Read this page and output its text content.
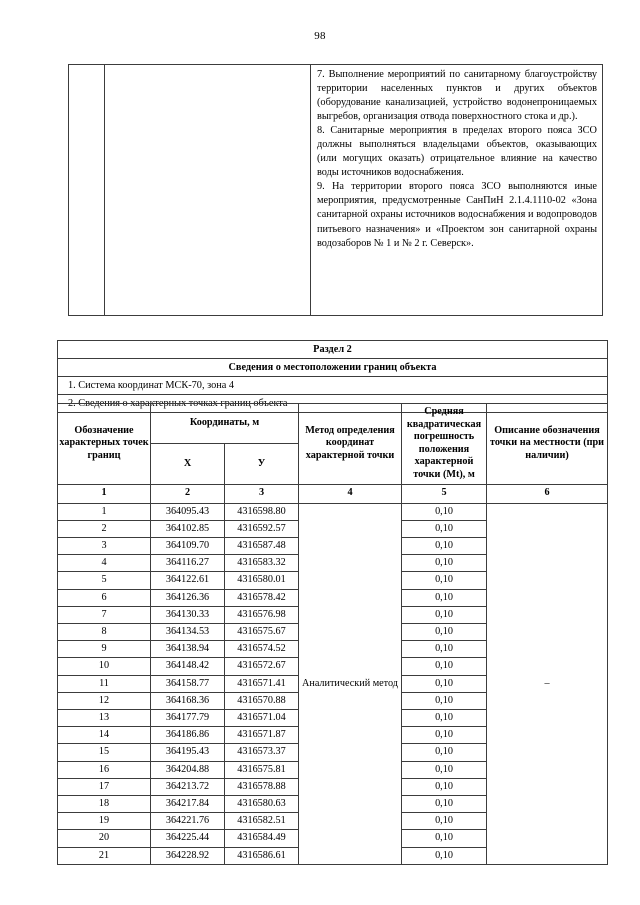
98

7. Выполнение мероприятий по санитарному благоустройству территории населенных пунктов и других объектов (оборудование канализацией, устройство водонепроницаемых выгребов, организация отвода поверхностного стока и др.).

8. Санитарные мероприятия в пределах второго пояса ЗСО должны выполняться владельцами объектов, оказывающих (или могущих оказать) отрицательное влияние на качество воды источников водоснабжения.

9. На территории второго пояса ЗСО выполняются иные мероприятия, предусмотренные СанПиН 2.1.4.1110-02 «Зона санитарной охраны источников водоснабжения и водопроводов питьевого назначения» и «Проектом зон санитарной охраны водозаборов № 1 и № 2 г. Северск».

Раздел 2
Сведения о местоположении границ объекта
1. Система координат МСК-70, зона 4
2. Сведения о характерных точках границ объекта
Обозначение характерных точек границ	Координаты, м		Метод определения координат характерной точки	Средняя квадратическая погрешность положения характерной точки (Мt), м	Описание обозначения точки на местности (при наличии)
	X	У			
1	2	3	4	5	6
1	364095.43	4316598.80	Аналитический метод	0,10	–
2	364102.85	4316592.57		0,10	
3	364109.70	4316587.48		0,10	
4	364116.27	4316583.32		0,10	
5	364122.61	4316580.01		0,10	
6	364126.36	4316578.42		0,10	
7	364130.33	4316576.98		0,10	
8	364134.53	4316575.67		0,10	
9	364138.94	4316574.52		0,10	
10	364148.42	4316572.67		0,10	
11	364158.77	4316571.41		0,10	
12	364168.36	4316570.88		0,10	
13	364177.79	4316571.04		0,10	
14	364186.86	4316571.87		0,10	
15	364195.43	4316573.37		0,10	
16	364204.88	4316575.81		0,10	
17	364213.72	4316578.88		0,10	
18	364217.84	4316580.63		0,10	
19	364221.76	4316582.51		0,10	
20	364225.44	4316584.49		0,10	
21	364228.92	4316586.61		0,10	
